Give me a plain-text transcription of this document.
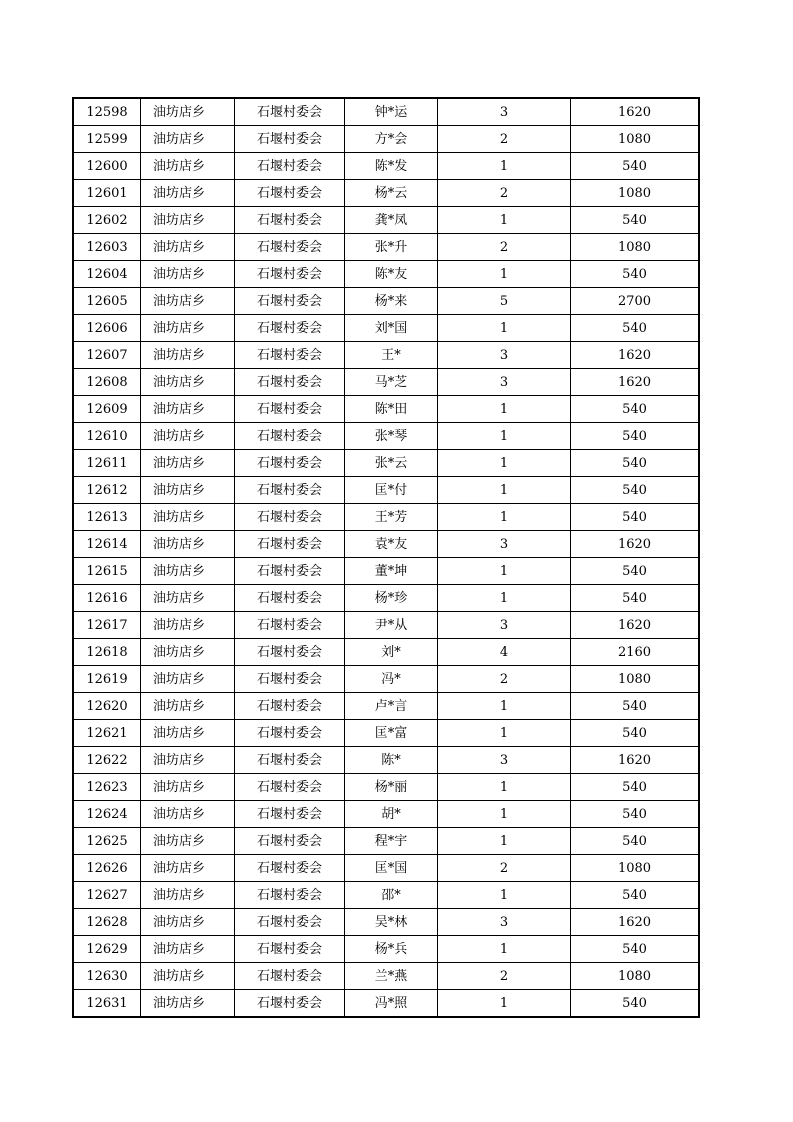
12598	油坊店乡	石堰村委会	钟*运	3	1620
12599	油坊店乡	石堰村委会	方*会	2	1080
12600	油坊店乡	石堰村委会	陈*发	1	540
12601	油坊店乡	石堰村委会	杨*云	2	1080
12602	油坊店乡	石堰村委会	龚*凤	1	540
12603	油坊店乡	石堰村委会	张*升	2	1080
12604	油坊店乡	石堰村委会	陈*友	1	540
12605	油坊店乡	石堰村委会	杨*来	5	2700
12606	油坊店乡	石堰村委会	刘*国	1	540
12607	油坊店乡	石堰村委会	王*	3	1620
12608	油坊店乡	石堰村委会	马*芝	3	1620
12609	油坊店乡	石堰村委会	陈*田	1	540
12610	油坊店乡	石堰村委会	张*琴	1	540
12611	油坊店乡	石堰村委会	张*云	1	540
12612	油坊店乡	石堰村委会	匡*付	1	540
12613	油坊店乡	石堰村委会	王*芳	1	540
12614	油坊店乡	石堰村委会	袁*友	3	1620
12615	油坊店乡	石堰村委会	董*坤	1	540
12616	油坊店乡	石堰村委会	杨*珍	1	540
12617	油坊店乡	石堰村委会	尹*从	3	1620
12618	油坊店乡	石堰村委会	刘*	4	2160
12619	油坊店乡	石堰村委会	冯*	2	1080
12620	油坊店乡	石堰村委会	卢*言	1	540
12621	油坊店乡	石堰村委会	匡*富	1	540
12622	油坊店乡	石堰村委会	陈*	3	1620
12623	油坊店乡	石堰村委会	杨*丽	1	540
12624	油坊店乡	石堰村委会	胡*	1	540
12625	油坊店乡	石堰村委会	程*宇	1	540
12626	油坊店乡	石堰村委会	匡*国	2	1080
12627	油坊店乡	石堰村委会	邵*	1	540
12628	油坊店乡	石堰村委会	吴*林	3	1620
12629	油坊店乡	石堰村委会	杨*兵	1	540
12630	油坊店乡	石堰村委会	兰*燕	2	1080
12631	油坊店乡	石堰村委会	冯*照	1	540
